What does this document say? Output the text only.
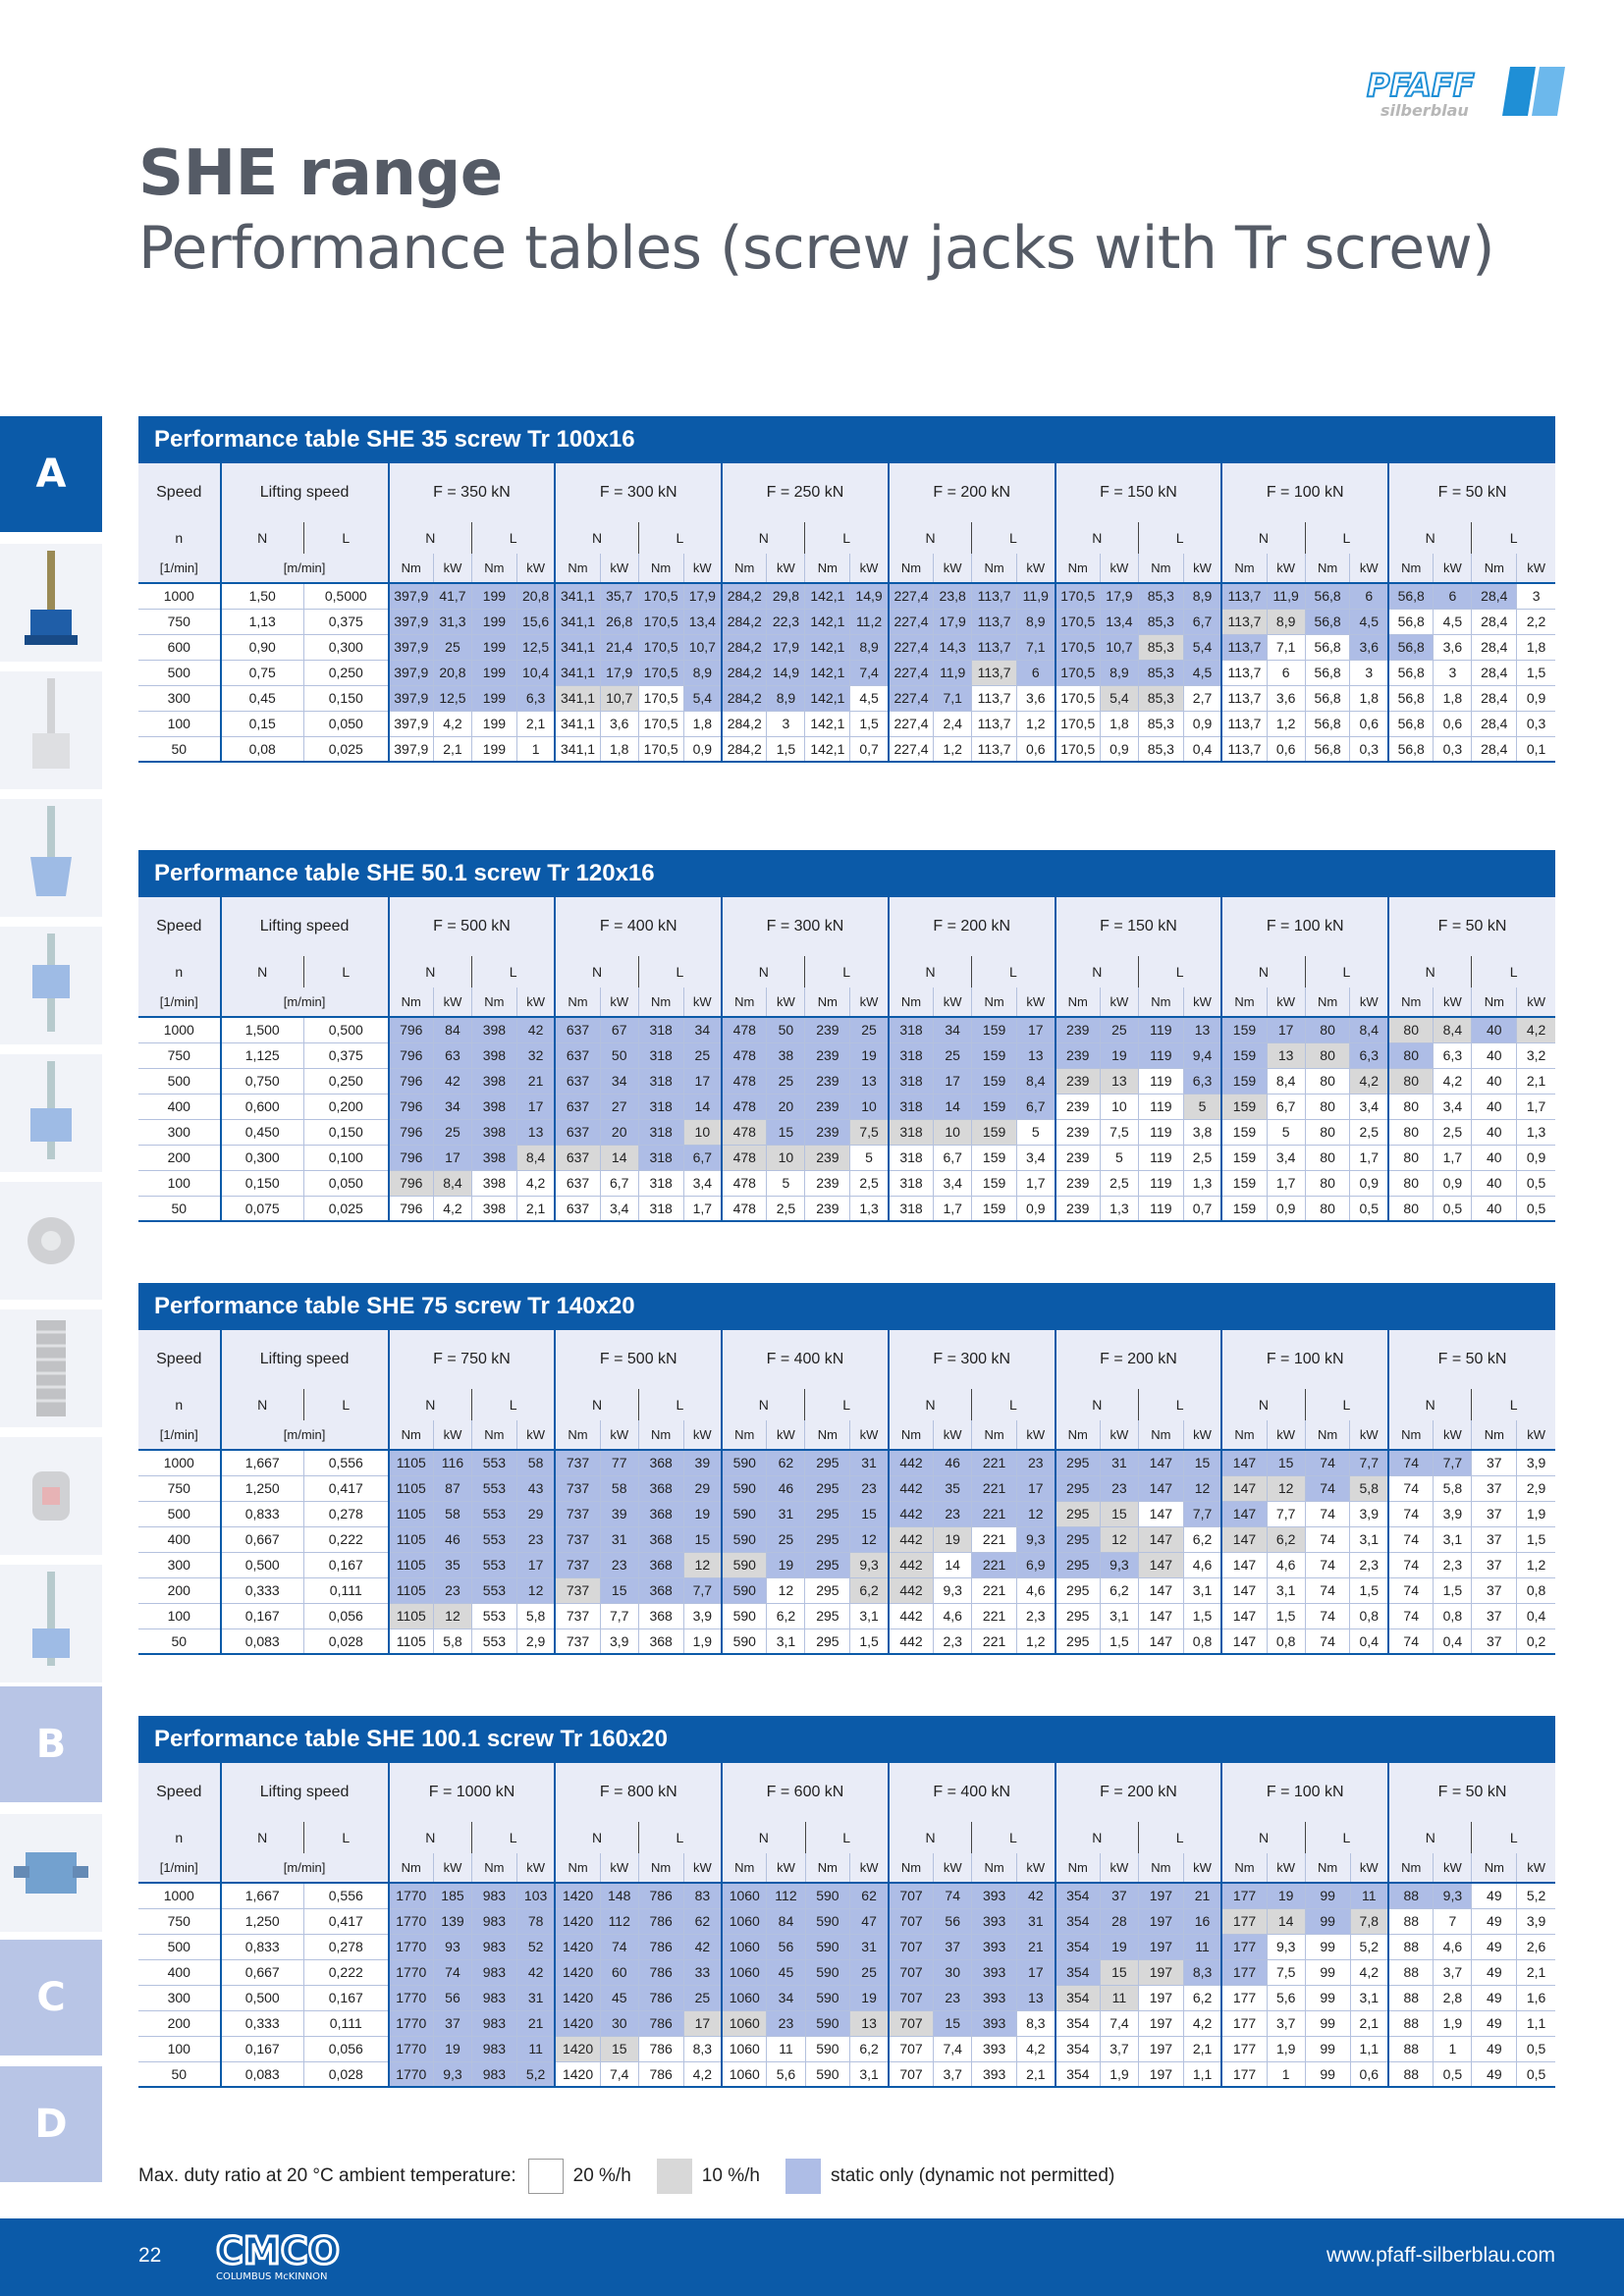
PFAFF
silberblau
SHE range
Performance tables (screw jacks with Tr screw)
A
B
C
D
Performance table SHE 35 screw Tr 100x16
Speed	Lifting speed		F = 350 kN				F = 300 kN				F = 250 kN				F = 200 kN				F = 150 kN				F = 100 kN				F = 50 kN			
n	N	L	N		L		N		L		N		L		N		L		N		L		N		L		N		L	
[1/min]	[m/min]		Nm	kW	Nm	kW	Nm	kW	Nm	kW	Nm	kW	Nm	kW	Nm	kW	Nm	kW	Nm	kW	Nm	kW	Nm	kW	Nm	kW	Nm	kW	Nm	kW
1000	1,50	0,5000	397,9	41,7	199	20,8	341,1	35,7	170,5	17,9	284,2	29,8	142,1	14,9	227,4	23,8	113,7	11,9	170,5	17,9	85,3	8,9	113,7	11,9	56,8	6	56,8	6	28,4	3
750	1,13	0,375	397,9	31,3	199	15,6	341,1	26,8	170,5	13,4	284,2	22,3	142,1	11,2	227,4	17,9	113,7	8,9	170,5	13,4	85,3	6,7	113,7	8,9	56,8	4,5	56,8	4,5	28,4	2,2
600	0,90	0,300	397,9	25	199	12,5	341,1	21,4	170,5	10,7	284,2	17,9	142,1	8,9	227,4	14,3	113,7	7,1	170,5	10,7	85,3	5,4	113,7	7,1	56,8	3,6	56,8	3,6	28,4	1,8
500	0,75	0,250	397,9	20,8	199	10,4	341,1	17,9	170,5	8,9	284,2	14,9	142,1	7,4	227,4	11,9	113,7	6	170,5	8,9	85,3	4,5	113,7	6	56,8	3	56,8	3	28,4	1,5
300	0,45	0,150	397,9	12,5	199	6,3	341,1	10,7	170,5	5,4	284,2	8,9	142,1	4,5	227,4	7,1	113,7	3,6	170,5	5,4	85,3	2,7	113,7	3,6	56,8	1,8	56,8	1,8	28,4	0,9
100	0,15	0,050	397,9	4,2	199	2,1	341,1	3,6	170,5	1,8	284,2	3	142,1	1,5	227,4	2,4	113,7	1,2	170,5	1,8	85,3	0,9	113,7	1,2	56,8	0,6	56,8	0,6	28,4	0,3
50	0,08	0,025	397,9	2,1	199	1	341,1	1,8	170,5	0,9	284,2	1,5	142,1	0,7	227,4	1,2	113,7	0,6	170,5	0,9	85,3	0,4	113,7	0,6	56,8	0,3	56,8	0,3	28,4	0,1
Performance table SHE 50.1 screw Tr 120x16
Speed	Lifting speed		F = 500 kN				F = 400 kN				F = 300 kN				F = 200 kN				F = 150 kN				F = 100 kN				F = 50 kN			
n	N	L	N		L		N		L		N		L		N		L		N		L		N		L		N		L	
[1/min]	[m/min]		Nm	kW	Nm	kW	Nm	kW	Nm	kW	Nm	kW	Nm	kW	Nm	kW	Nm	kW	Nm	kW	Nm	kW	Nm	kW	Nm	kW	Nm	kW	Nm	kW
1000	1,500	0,500	796	84	398	42	637	67	318	34	478	50	239	25	318	34	159	17	239	25	119	13	159	17	80	8,4	80	8,4	40	4,2
750	1,125	0,375	796	63	398	32	637	50	318	25	478	38	239	19	318	25	159	13	239	19	119	9,4	159	13	80	6,3	80	6,3	40	3,2
500	0,750	0,250	796	42	398	21	637	34	318	17	478	25	239	13	318	17	159	8,4	239	13	119	6,3	159	8,4	80	4,2	80	4,2	40	2,1
400	0,600	0,200	796	34	398	17	637	27	318	14	478	20	239	10	318	14	159	6,7	239	10	119	5	159	6,7	80	3,4	80	3,4	40	1,7
300	0,450	0,150	796	25	398	13	637	20	318	10	478	15	239	7,5	318	10	159	5	239	7,5	119	3,8	159	5	80	2,5	80	2,5	40	1,3
200	0,300	0,100	796	17	398	8,4	637	14	318	6,7	478	10	239	5	318	6,7	159	3,4	239	5	119	2,5	159	3,4	80	1,7	80	1,7	40	0,9
100	0,150	0,050	796	8,4	398	4,2	637	6,7	318	3,4	478	5	239	2,5	318	3,4	159	1,7	239	2,5	119	1,3	159	1,7	80	0,9	80	0,9	40	0,5
50	0,075	0,025	796	4,2	398	2,1	637	3,4	318	1,7	478	2,5	239	1,3	318	1,7	159	0,9	239	1,3	119	0,7	159	0,9	80	0,5	80	0,5	40	0,5
Performance table SHE 75 screw Tr 140x20
Speed	Lifting speed		F = 750 kN				F = 500 kN				F = 400 kN				F = 300 kN				F = 200 kN				F = 100 kN				F = 50 kN			
n	N	L	N		L		N		L		N		L		N		L		N		L		N		L		N		L	
[1/min]	[m/min]		Nm	kW	Nm	kW	Nm	kW	Nm	kW	Nm	kW	Nm	kW	Nm	kW	Nm	kW	Nm	kW	Nm	kW	Nm	kW	Nm	kW	Nm	kW	Nm	kW
1000	1,667	0,556	1105	116	553	58	737	77	368	39	590	62	295	31	442	46	221	23	295	31	147	15	147	15	74	7,7	74	7,7	37	3,9
750	1,250	0,417	1105	87	553	43	737	58	368	29	590	46	295	23	442	35	221	17	295	23	147	12	147	12	74	5,8	74	5,8	37	2,9
500	0,833	0,278	1105	58	553	29	737	39	368	19	590	31	295	15	442	23	221	12	295	15	147	7,7	147	7,7	74	3,9	74	3,9	37	1,9
400	0,667	0,222	1105	46	553	23	737	31	368	15	590	25	295	12	442	19	221	9,3	295	12	147	6,2	147	6,2	74	3,1	74	3,1	37	1,5
300	0,500	0,167	1105	35	553	17	737	23	368	12	590	19	295	9,3	442	14	221	6,9	295	9,3	147	4,6	147	4,6	74	2,3	74	2,3	37	1,2
200	0,333	0,111	1105	23	553	12	737	15	368	7,7	590	12	295	6,2	442	9,3	221	4,6	295	6,2	147	3,1	147	3,1	74	1,5	74	1,5	37	0,8
100	0,167	0,056	1105	12	553	5,8	737	7,7	368	3,9	590	6,2	295	3,1	442	4,6	221	2,3	295	3,1	147	1,5	147	1,5	74	0,8	74	0,8	37	0,4
50	0,083	0,028	1105	5,8	553	2,9	737	3,9	368	1,9	590	3,1	295	1,5	442	2,3	221	1,2	295	1,5	147	0,8	147	0,8	74	0,4	74	0,4	37	0,2
Performance table SHE 100.1 screw Tr 160x20
Speed	Lifting speed		F = 1000 kN				F = 800 kN				F = 600 kN				F = 400 kN				F = 200 kN				F = 100 kN				F = 50 kN			
n	N	L	N		L		N		L		N		L		N		L		N		L		N		L		N		L	
[1/min]	[m/min]		Nm	kW	Nm	kW	Nm	kW	Nm	kW	Nm	kW	Nm	kW	Nm	kW	Nm	kW	Nm	kW	Nm	kW	Nm	kW	Nm	kW	Nm	kW	Nm	kW
1000	1,667	0,556	1770	185	983	103	1420	148	786	83	1060	112	590	62	707	74	393	42	354	37	197	21	177	19	99	11	88	9,3	49	5,2
750	1,250	0,417	1770	139	983	78	1420	112	786	62	1060	84	590	47	707	56	393	31	354	28	197	16	177	14	99	7,8	88	7	49	3,9
500	0,833	0,278	1770	93	983	52	1420	74	786	42	1060	56	590	31	707	37	393	21	354	19	197	11	177	9,3	99	5,2	88	4,6	49	2,6
400	0,667	0,222	1770	74	983	42	1420	60	786	33	1060	45	590	25	707	30	393	17	354	15	197	8,3	177	7,5	99	4,2	88	3,7	49	2,1
300	0,500	0,167	1770	56	983	31	1420	45	786	25	1060	34	590	19	707	23	393	13	354	11	197	6,2	177	5,6	99	3,1	88	2,8	49	1,6
200	0,333	0,111	1770	37	983	21	1420	30	786	17	1060	23	590	13	707	15	393	8,3	354	7,4	197	4,2	177	3,7	99	2,1	88	1,9	49	1,1
100	0,167	0,056	1770	19	983	11	1420	15	786	8,3	1060	11	590	6,2	707	7,4	393	4,2	354	3,7	197	2,1	177	1,9	99	1,1	88	1	49	0,5
50	0,083	0,028	1770	9,3	983	5,2	1420	7,4	786	4,2	1060	5,6	590	3,1	707	3,7	393	2,1	354	1,9	197	1,1	177	1	99	0,6	88	0,5	49	0,5
Max. duty ratio at 20 °C ambient temperature:	20 %/h	10 %/h	static only (dynamic not permitted)
22 CMCO
COLUMBUS McKINNON
www.pfaff-silberblau.com
